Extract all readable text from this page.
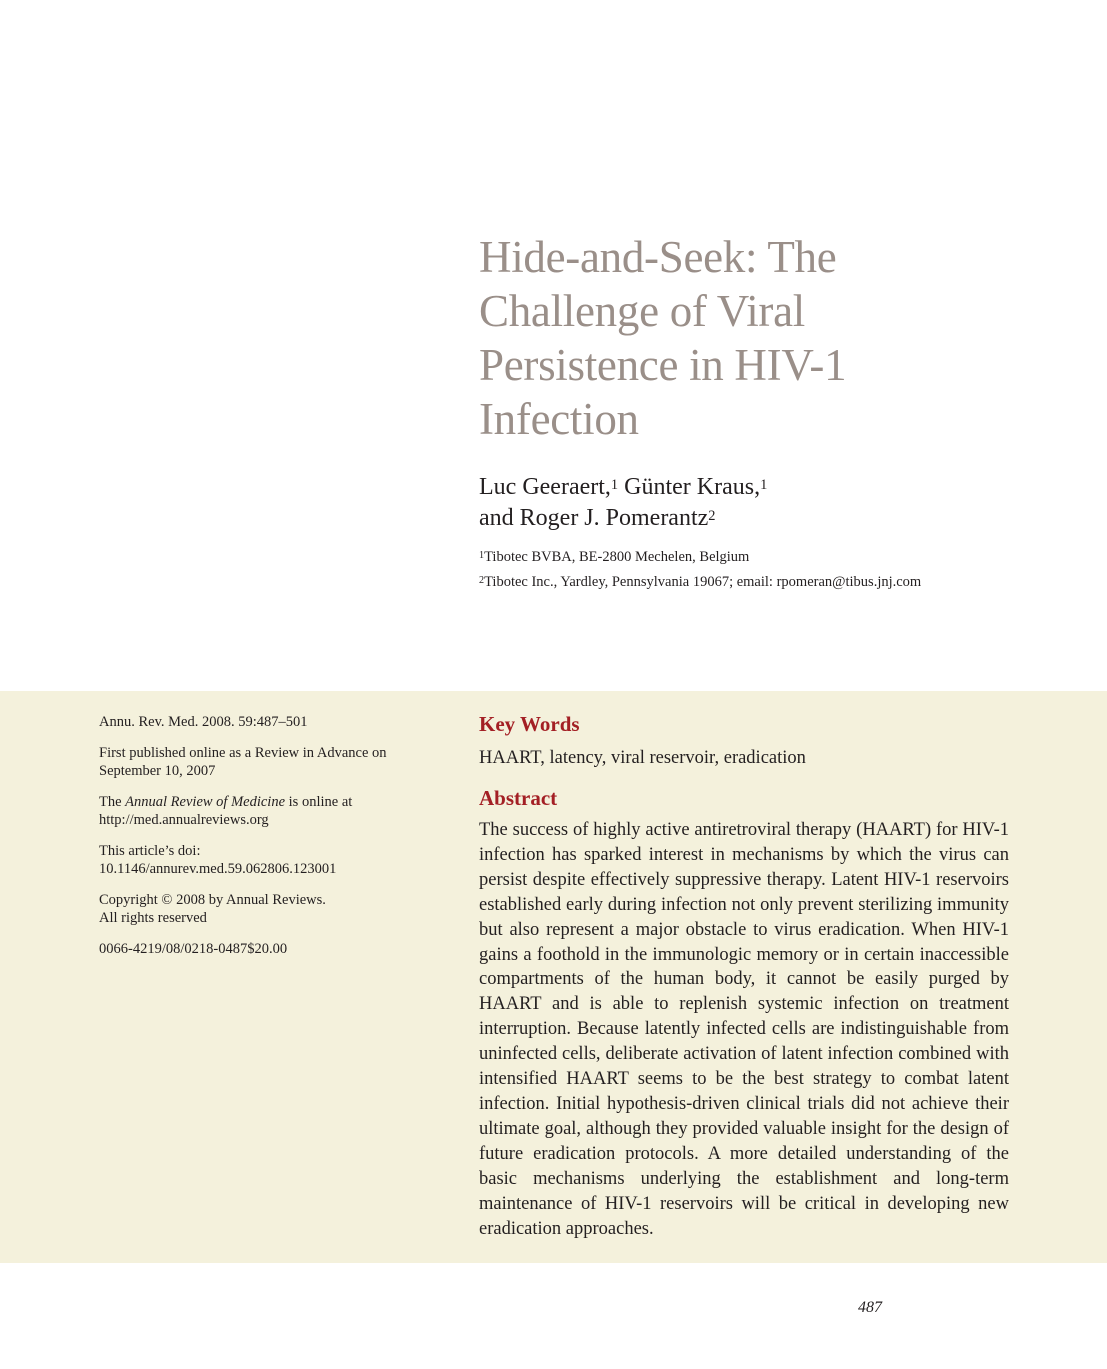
Hide-and-Seek: The
Challenge of Viral
Persistence in HIV-1
Infection
Luc Geeraert,$^1$ Günter Kraus,$^1$
and Roger J. Pomerantz$^2$
$^1$Tibotec BVBA, BE-2800 Mechelen, Belgium
$^2$Tibotec Inc., Yardley, Pennsylvania 19067; email: rpomeran@tibus.jnj.com

Annu. Rev. Med. 2008. 59:487–501

First published online as a Review in Advance on
September 10, 2007

The Annual Review of Medicine is online at
http://med.annualreviews.org

This article’s doi:
10.1146/annurev.med.59.062806.123001

Copyright © 2008 by Annual Reviews.
All rights reserved

0066-4219/08/0218-0487$20.00

Key Words

HAART, latency, viral reservoir, eradication

Abstract

The success of highly active antiretroviral therapy (HAART) for HIV-1 infection has sparked interest in mechanisms by which the virus can persist despite effectively suppressive therapy. Latent HIV-1 reservoirs established early during infection not only prevent sterilizing immunity but also represent a major obstacle to virus eradication. When HIV-1 gains a foothold in the immunologic memory or in certain inaccessible compartments of the human body, it cannot be easily purged by HAART and is able to replenish systemic infection on treatment interruption. Because latently infected cells are indistinguishable from uninfected cells, deliberate activation of latent infection combined with intensified HAART seems to be the best strategy to combat latent infection. Initial hypothesis-driven clinical trials did not achieve their ultimate goal, although they provided valuable insight for the design of future eradication protocols. A more detailed understanding of the basic mechanisms underlying the establishment and long-term maintenance of HIV-1 reservoirs will be critical in developing new eradication approaches.

487
